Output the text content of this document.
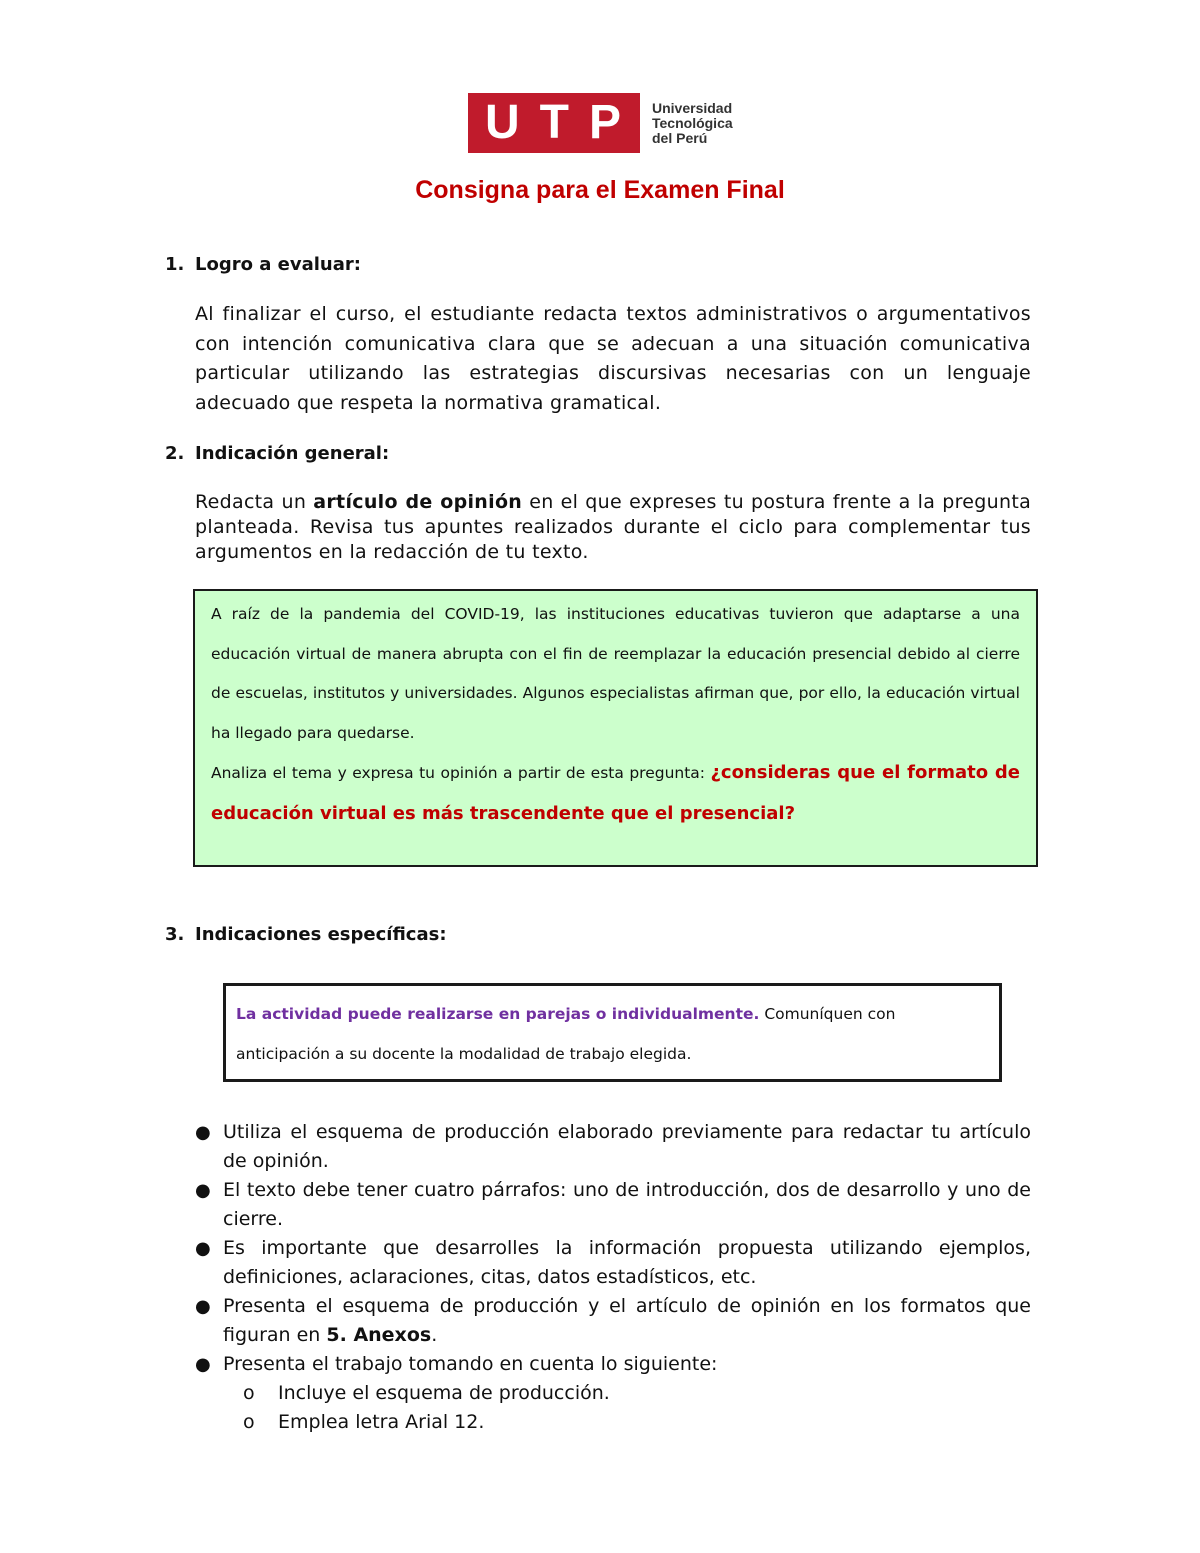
U T P Universidad
Tecnológica
del Perú
Consigna para el Examen Final
1. Logro a evaluar:
Al finalizar el curso, el estudiante redacta textos administrativos o argumentativos con intención comunicativa clara que se adecuan a una situación comunicativa particular utilizando las estrategias discursivas necesarias con un lenguaje adecuado que respeta la normativa gramatical.
2. Indicación general:
Redacta un artículo de opinión en el que expreses tu postura frente a la pregunta planteada. Revisa tus apuntes realizados durante el ciclo para complementar tus argumentos en la redacción de tu texto.

A raíz de la pandemia del COVID-19, las instituciones educativas tuvieron que adaptarse a una educación virtual de manera abrupta con el fin de reemplazar la educación presencial debido al cierre de escuelas, institutos y universidades. Algunos especialistas afirman que, por ello, la educación virtual ha llegado para quedarse.

Analiza el tema y expresa tu opinión a partir de esta pregunta: ¿consideras que el formato de educación virtual es más trascendente que el presencial?

3. Indicaciones específicas:

La actividad puede realizarse en parejas o individualmente. Comuníquen con anticipación a su docente la modalidad de trabajo elegida.

● Utiliza el esquema de producción elaborado previamente para redactar tu artículo de opinión.
● El texto debe tener cuatro párrafos: uno de introducción, dos de desarrollo y uno de cierre.
● Es importante que desarrolles la información propuesta utilizando ejemplos, definiciones, aclaraciones, citas, datos estadísticos, etc.
● Presenta el esquema de producción y el artículo de opinión en los formatos que figuran en 5. Anexos.
● Presenta el trabajo tomando en cuenta lo siguiente:
o Incluye el esquema de producción.
o Emplea letra Arial 12.
